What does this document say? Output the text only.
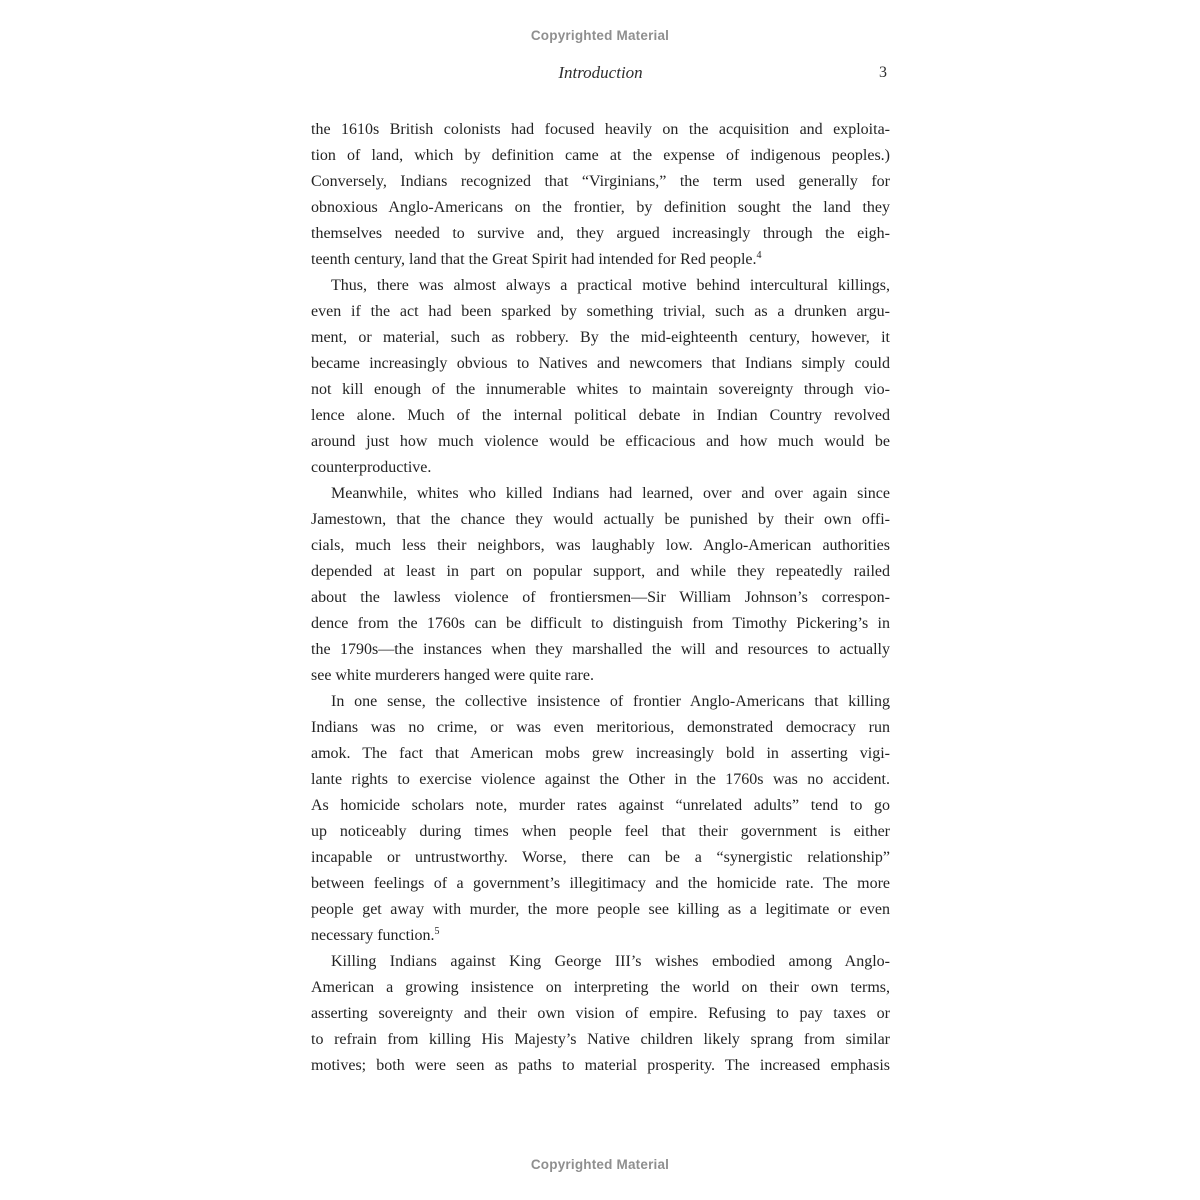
Copyrighted Material
Introduction	3
the 1610s British colonists had focused heavily on the acquisition and exploita-
tion of land, which by definition came at the expense of indigenous peoples.)
Conversely, Indians recognized that “Virginians,” the term used generally for
obnoxious Anglo-Americans on the frontier, by definition sought the land they
themselves needed to survive and, they argued increasingly through the eigh-
teenth century, land that the Great Spirit had intended for Red people.$^4$
Thus, there was almost always a practical motive behind intercultural killings,
even if the act had been sparked by something trivial, such as a drunken argu-
ment, or material, such as robbery. By the mid-eighteenth century, however, it
became increasingly obvious to Natives and newcomers that Indians simply could
not kill enough of the innumerable whites to maintain sovereignty through vio-
lence alone. Much of the internal political debate in Indian Country revolved
around just how much violence would be efficacious and how much would be
counterproductive.
Meanwhile, whites who killed Indians had learned, over and over again since
Jamestown, that the chance they would actually be punished by their own offi-
cials, much less their neighbors, was laughably low. Anglo-American authorities
depended at least in part on popular support, and while they repeatedly railed
about the lawless violence of frontiersmen—Sir William Johnson’s correspon-
dence from the 1760s can be difficult to distinguish from Timothy Pickering’s in
the 1790s—the instances when they marshalled the will and resources to actually
see white murderers hanged were quite rare.
In one sense, the collective insistence of frontier Anglo-Americans that killing
Indians was no crime, or was even meritorious, demonstrated democracy run
amok. The fact that American mobs grew increasingly bold in asserting vigi-
lante rights to exercise violence against the Other in the 1760s was no accident.
As homicide scholars note, murder rates against “unrelated adults” tend to go
up noticeably during times when people feel that their government is either
incapable or untrustworthy. Worse, there can be a “synergistic relationship”
between feelings of a government’s illegitimacy and the homicide rate. The more
people get away with murder, the more people see killing as a legitimate or even
necessary function.$^5$
Killing Indians against King George III’s wishes embodied among Anglo-
American a growing insistence on interpreting the world on their own terms,
asserting sovereignty and their own vision of empire. Refusing to pay taxes or
to refrain from killing His Majesty’s Native children likely sprang from similar
motives; both were seen as paths to material prosperity. The increased emphasis
Copyrighted Material
